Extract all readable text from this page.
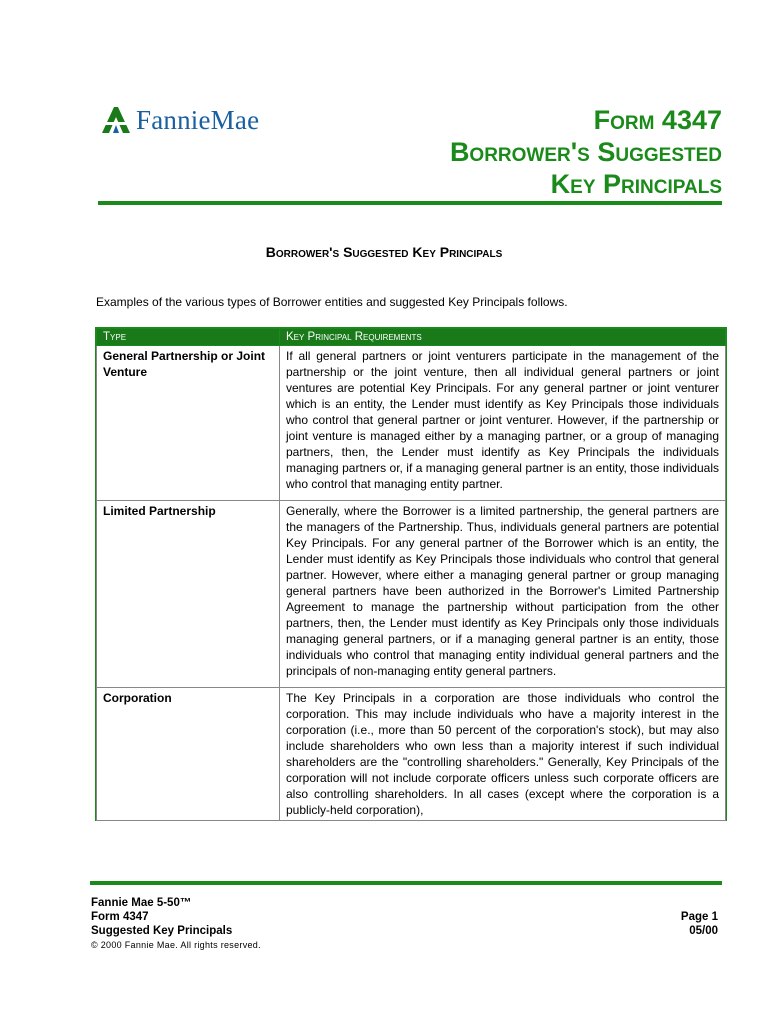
FannieMae	Form 4347
Borrower's Suggested
Key Principals
Borrower's Suggested Key Principals
Examples of the various types of Borrower entities and suggested Key Principals follows.
Type	Key Principal Requirements
General Partnership or Joint Venture	If all general partners or joint venturers participate in the management of the partnership or the joint venture, then all individual general partners or joint ventures are potential Key Principals. For any general partner or joint venturer which is an entity, the Lender must identify as Key Principals those individuals who control that general partner or joint venturer. However, if the partnership or joint venture is managed either by a managing partner, or a group of managing partners, then, the Lender must identify as Key Principals the individuals managing partners or, if a managing general partner is an entity, those individuals who control that managing entity partner.
Limited Partnership	Generally, where the Borrower is a limited partnership, the general partners are the managers of the Partnership. Thus, individuals general partners are potential Key Principals. For any general partner of the Borrower which is an entity, the Lender must identify as Key Principals those individuals who control that general partner. However, where either a managing general partner or group managing general partners have been authorized in the Borrower's Limited Partnership Agreement to manage the partnership without participation from the other partners, then, the Lender must identify as Key Principals only those individuals managing general partners, or if a managing general partner is an entity, those individuals who control that managing entity individual general partners and the principals of non-managing entity general partners.
Corporation	The Key Principals in a corporation are those individuals who control the corporation. This may include individuals who have a majority interest in the corporation (i.e., more than 50 percent of the corporation's stock), but may also include shareholders who own less than a majority interest if such individual shareholders are the "controlling shareholders." Generally, Key Principals of the corporation will not include corporate officers unless such corporate officers are also controlling shareholders. In all cases (except where the corporation is a publicly-held corporation),
Fannie Mae 5-50™
Form 4347
Suggested Key Principals
© 2000 Fannie Mae. All rights reserved.
Page 1
05/00
